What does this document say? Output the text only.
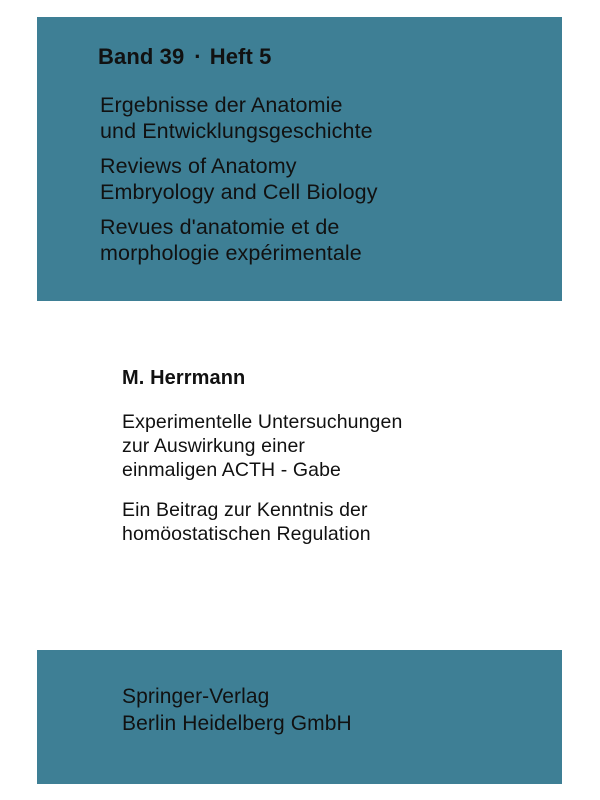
Band 39 · Heft 5
Ergebnisse der Anatomie
und Entwicklungsgeschichte
Reviews of Anatomy
Embryology and Cell Biology
Revues d'anatomie et de
morphologie expérimentale
M. Herrmann
Experimentelle Untersuchungen
zur Auswirkung einer
einmaligen ACTH - Gabe
Ein Beitrag zur Kenntnis der
homöostatischen Regulation
Springer-Verlag
Berlin Heidelberg GmbH
